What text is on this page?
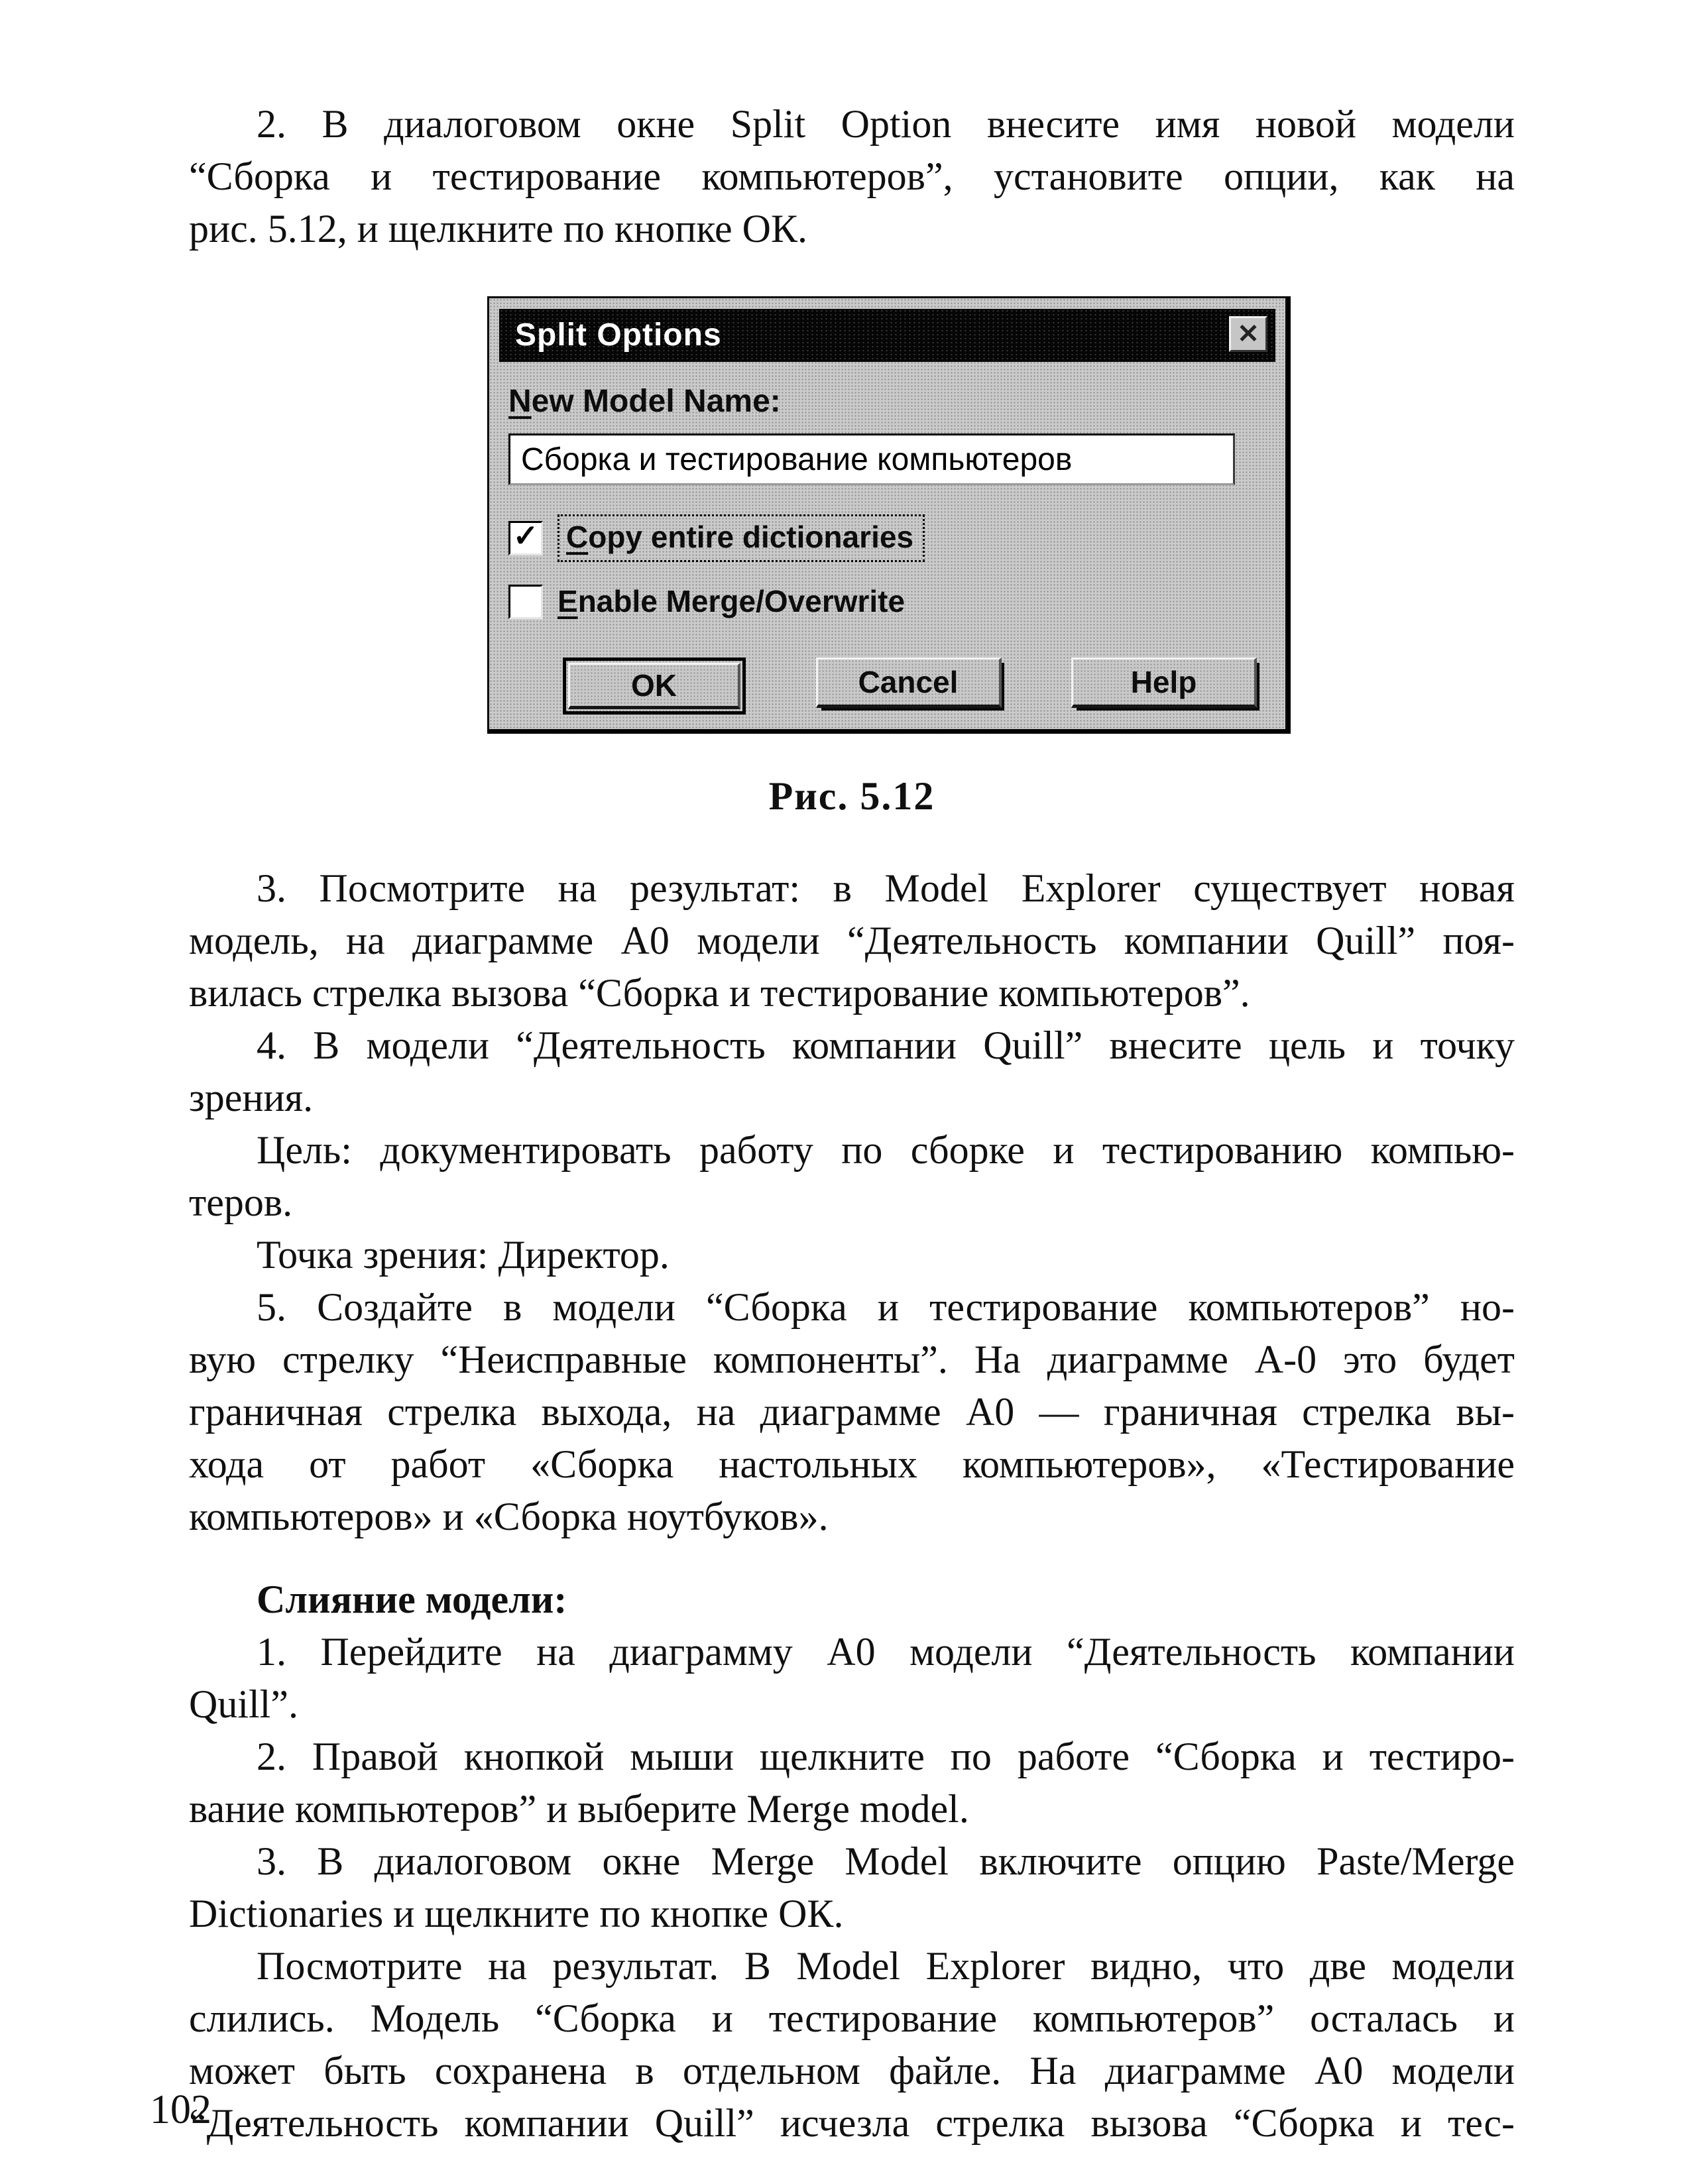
2. В диалоговом окне Split Option внесите имя новой модели
“Сборка и тестирование компьютеров”, установите опции, как на
рис. 5.12, и щелкните по кнопке ОК.

Split Options	✕
New Model Name:
Сборка и тестирование компьютеров
✓ Copy entire dictionaries
Enable Merge/Overwrite
OK	Cancel	Help
Рис. 5.12

3. Посмотрите на результат: в Model Explorer существует новая
модель, на диаграмме А0 модели “Деятельность компании Quill” поя-
вилась стрелка вызова “Сборка и тестирование компьютеров”.

4. В модели “Деятельность компании Quill” внесите цель и точку
зрения.

Цель: документировать работу по сборке и тестированию компью-
теров.

Точка зрения: Директор.

5. Создайте в модели “Сборка и тестирование компьютеров” но-
вую стрелку “Неисправные компоненты”. На диаграмме А-0 это будет
граничная стрелка выхода, на диаграмме А0 — граничная стрелка вы-
хода от работ «Сборка настольных компьютеров», «Тестирование
компьютеров» и «Сборка ноутбуков».

Слияние модели:

1. Перейдите на диаграмму А0 модели “Деятельность компании
Quill”.

2. Правой кнопкой мыши щелкните по работе “Сборка и тестиро-
вание компьютеров” и выберите Merge model.

3. В диалоговом окне Merge Model включите опцию Paste/Merge
Dictionaries и щелкните по кнопке ОК.

Посмотрите на результат. В Model Explorer видно, что две модели
слились. Модель “Сборка и тестирование компьютеров” осталась и
может быть сохранена в отдельном файле. На диаграмме А0 модели
“Деятельность компании Quill” исчезла стрелка вызова “Сборка и тес-

102
